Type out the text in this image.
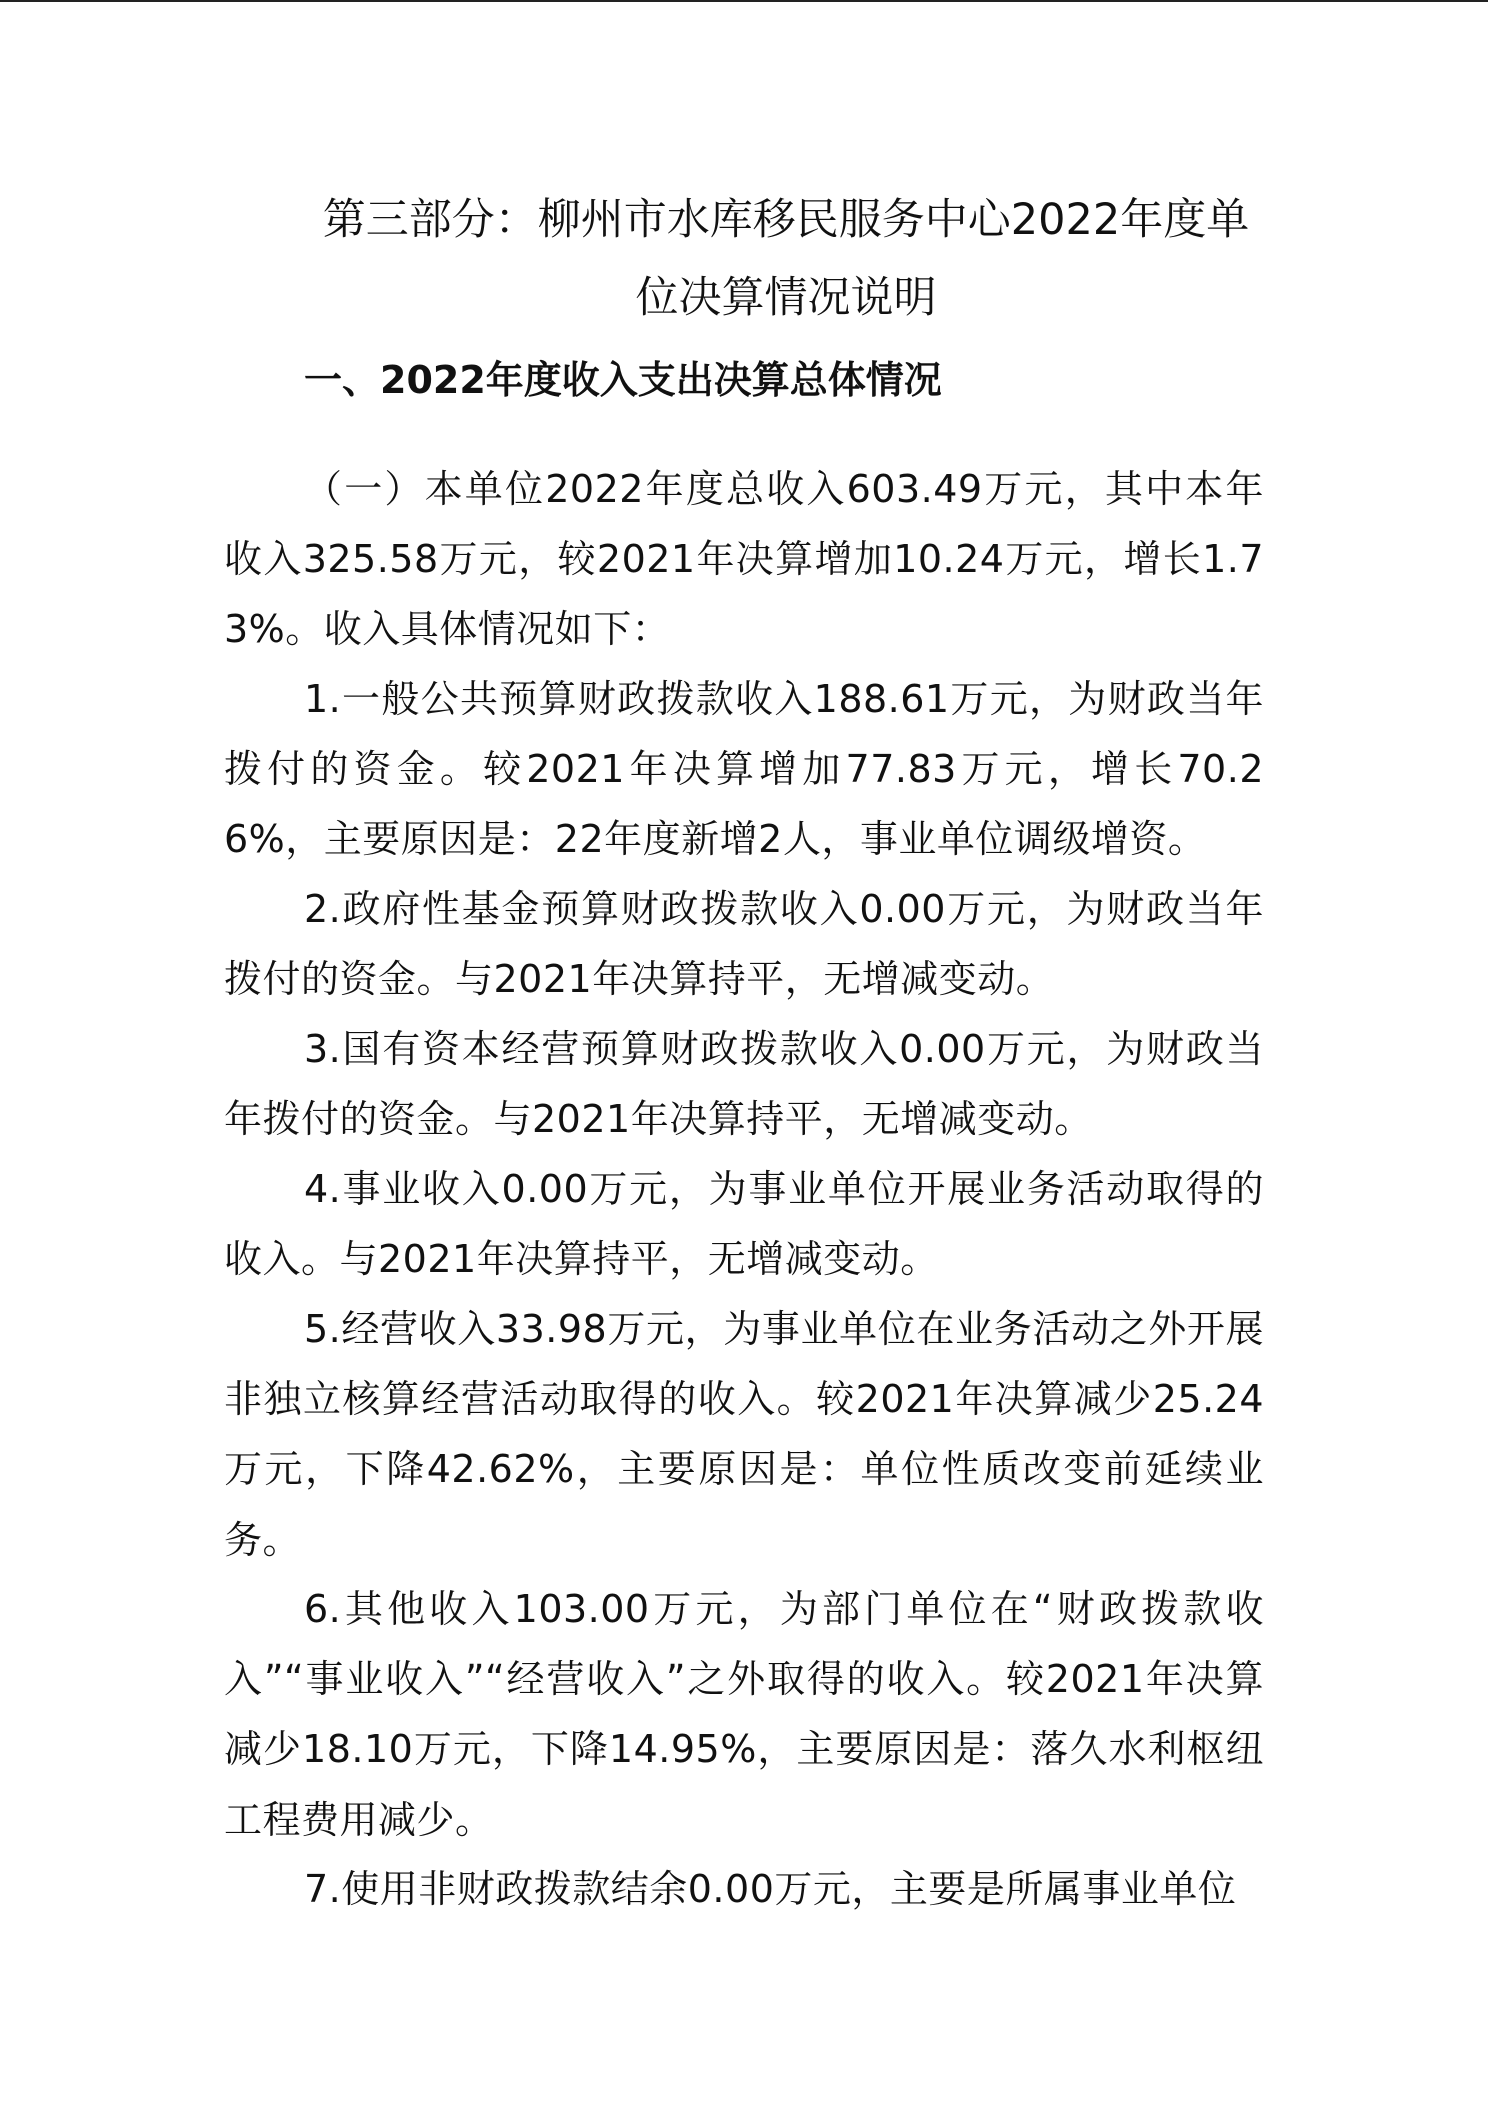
第三部分：柳州市水库移民服务中心2022年度单
位决算情况说明
一、2022年度收入支出决算总体情况

（一）本单位2022年度总收入603.49万元，其中本年收入325.58万元，较2021年决算增加10.24万元，增长1.73%。收入具体情况如下：

1.一般公共预算财政拨款收入188.61万元，为财政当年拨付的资金。较2021年决算增加77.83万元，增长70.26%，主要原因是：22年度新增2人，事业单位调级增资。

2.政府性基金预算财政拨款收入0.00万元，为财政当年拨付的资金。与2021年决算持平，无增减变动。

3.国有资本经营预算财政拨款收入0.00万元，为财政当年拨付的资金。与2021年决算持平，无增减变动。

4.事业收入0.00万元，为事业单位开展业务活动取得的收入。与2021年决算持平，无增减变动。

5.经营收入33.98万元，为事业单位在业务活动之外开展非独立核算经营活动取得的收入。较2021年决算减少25.24万元，下降42.62%，主要原因是：单位性质改变前延续业务。

6.其他收入103.00万元，为部门单位在“财政拨款收入”“事业收入”“经营收入”之外取得的收入。较2021年决算减少18.10万元，下降14.95%，主要原因是：落久水利枢纽工程费用减少。

7.使用非财政拨款结余0.00万元，主要是所属事业单位
